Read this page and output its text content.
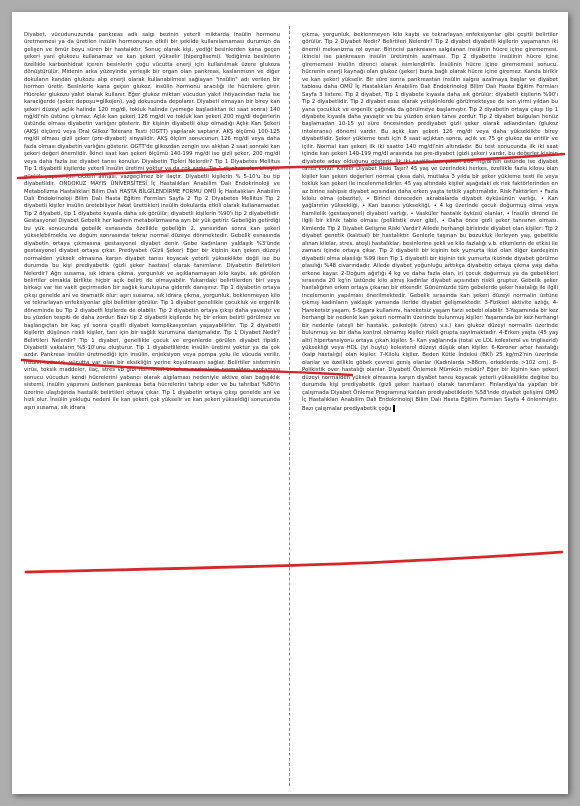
Diyabet, vücudunuzunda pankreas adlı salgı bezinin yeterli miktarda insülin hormonu üretmemesi ya da üretilen insülin hormonunun etkili bir şekilde kullanılamaması durumun da gelişen ve ömür boyu süren bir hastalıktır. Sonuç olarak kişi, yediği besinlerden kana geçen şekeri yani glukozu kullanamaz ve kan şekeri yükselir (hiperglisemi). Yediğimiz besinlerin özellikle karbonhidrat içeren besinlerin çoğu vücutta enerji için kullanılmak üzere glukoza dönüştürülür. Midenin arka yüzeyinde yerleşik bir organ olan pankreas, kaslarımızın ve diğer dokuların kandan glukozu alıp enerji olarak kullanabilmesi sağlayan "insülin" adı verilen bir hormon üretir. Besinlerle kana geçen glukoz, insülin hormonu aracılığı ile hücrelere girer. Hücreler glukozu yakıt olarak kullanır. Eğer glukoz miktarı vücudun yakıt ihtiyacından fazla ise karaciğerde (şeker depoşu=glikojen), yağ dokusunda depolanır. Diyabeti olmayan bir birey kan şekeri düzeyi açlık halinde 120 mg/dl, tokluk halinde (yemeğe başladıktan iki saat sonra) 140 mg/dl'nin üstüne çıkmaz. Açlık kan şekeri 126 mg/dl ve tokluk kan şekeri 200 mg/dl değerlerin üstünde olması diyabetin varlığını gösterir. Bir kişinin diyabetli olup olmadığı Açlık Kan Şekeri (AKŞ) ölçümü veya Oral Glikoz Tolerans Testi (OGTT) yapılarak saptanır. AKŞ ölçümü 100-125 mg/dl olması gizli şeker (pre-diyabet) sinyalidir. AKŞ ölçüm sonucunun 126 mg/dl veya daha fazla olması diyabetin varlığını gösterir. OGTT'de glikozdan zengin sıvı alıktan 2 saat sonraki kan şekeri değeri önemlidir. İkinci saat kan şekeri ölçümü 140-199 mg/dl ise gizli şeker, 200 mg/dl veya daha fazla ise diyabet tanısı konulur. Diyabetin Tipleri Nelerdir? Tip 1 Diyabetes Mellitus Tip 1 diyabetli kişilerde yeterli insülin üretimi yoktur ya da çok azdır. Tip 1 diyabeti olan bireyler günlük yaşam için ekzem alması, vazgeçilmez bir ilaçtır. Diyabetli kişilerin % 5-10'u bu tip diyabetlidir. ONDOKUZ MAYIS ÜNİVERSİTESİ İç Hastalıkları Anabilim Dalı Endokrinoloji ve Metabolizma Hastalıkları Bilim Dalı HASTA BİLGİLENDİRME FORMU OMÜ İç Hastalıkları Anabilim Dalı Endokrinoloji Bilim Dalı Hasta Eğitim Formları Sayfa 2 Tip 2 Diyabetes Mellitus Tip 2 diyabetli kişiler insülin üretebiliyor fakat ürettikleri insülin dokularda etkili olarak kullanamazlar. Tip 2 diyabeti, tip 1 diyabete kıyasla daha sık görülür; diyabetli kişilerin %90'ı tip 2 diyabetlidir. Gestasyonel Diyabet Gebelik her kadının metabolizmasına ayrı bir yük getirir. Gebeliğin getirdiği bu yük sonucunda gebelik esnasında özellikle gebeliğin 2. yarısından sonra kan şekeri yükselebilmekte ve doğum sonrasında tekrar normal düzeye dönmektedir. Gebelik esnasında diyabetin ortaya çıkmasına gestasyonel diyabet denir. Gebe kadınların yaklaşık %3'ünde gestasyonel diyabet ortaya çıkar. Prediyabet (Gizli Şeker) Eğer bir kişinin kan şekeri düzeyi normalden yüksek olmasına karşın diyabet tanısı koyacak yeterli yükseklikte değil ise bu durumda bu kişi prediyabetik (gizli şeker hastası) olarak tanımlanır. Diyabetin Belirtileri Nelerdir? Ağrı susama, sık idrara çıkma, yorgunluk ve açıklanamayan kilo kaybı, sık görülen belirtiler olmakla birlikte hiçbir açık belirti de olmayabilir. Yukarıdaki belirtilerden biri veya birkaçı var ise vakit geçirmeden bir sağlık kuruluşuna giderek danışınız. Tip 1 diyabetin ortaya çıkışı genelde ani ve dramatik olur: aşırı susama, sık idrara çıkma, yorgunluk, beklenmeyen kilo ve tekrarlayan enfeksiyonlar gibi belirtiler görülür. Tip 1 diyabet genellikle çocukluk ve ergenlik döneminde bu Tip 2 diyabetli kişilerde de olabilir. Tip 2 diyabetin ortaya çıkışı daha yavaştır ve bu yüzden tespiti de daha zordur. Bazı tip 2 diyabetli kişilerde hiç bir erken belirti görülmez ve başlangıçtan bir kaç yıl sonra çeşitli diyabet komplikasyonları yaşayabilirler. Tip 2 diyabetli kişilerin düşünen riskli kişiler, tanı için bir sağlık kurumuna danışmalıdır. Tip 1 Diyabet Nedir? Belirtileri Nelerdir? Tip 1 diyabet, genellikle çocuk ve ergenlerde görülen diyabet tipidir. Diyabetli vakaların %5-10'unu oluşturur. Tip 1 diyabetlilerde insülin üretimi yoktur ya da çok azdır. Pankreas insülin üretmediği için insülin, enjeksiyon veya pompa yolu ile vücuda verilir. İnsülin tedavisi, vücutta var olan bir eksikliğin yerine koyulmasını sağlar. Belirtiler sisteminin virüs, toksik maddeler, ilaç, stres vb gibi hormonal birtakım nedenlerle normalden saptaması sonucu vücudun kendi hücrelerini yabancı olarak algılaması nedeniyle aktive olan bağışıklık sistemi, insülin yapımını üstlenen pankreas beta hücrelerini tahrip eder ve bu tahribat %80'in üzerine ulaştığında hastalık belirtileri ortaya çıkar. Tip 1 diyabetin ortaya çıkışı genelde ani ve hızlı olur. İnsülin yokluğu nedeni ile kan şekeri çok yükselir ve kan şekeri yükseldiği sonucunda aşırı susama, sık idrara

çıkma, yorgunluk, beklenmeyen kilo kaybı ve tekrarlayan enfeksiyonlar gibi çeşitli belirtiler görülür. Tip 2 Diyabet Nedir? Belirtileri Nelerdir? Tip 2 diyabet diyabetli kişilerin yaşamanın iki önemli mekanizma rol oynar. Birincisi pankreasın salgılanan insülinin hücre içine girememesi, ikincisi ise pankreasın insülin üretiminin azalması. Tip 2 diyabette insülinin hücre içine girememesi insülin direnci olarak isimlendirilir. İnsülinin hücre içine girememesi sonucu, hücrenin enerji kaynağı olan glukoz (şeker) buna bağlı olarak hücre içine giremez. Kanda birikir ve kan şekeri yükselir. Bir süre sonra pankreastan insülin salgısı azalmaya başlar ve diyabet tablosu daha OMÜ İç Hastalıkları Anabilim Dalı Endokrinoloji Bilim Dalı Hasta Eğitim Formları Sayfa 3 listere. Tip 2 diyabet, Tip 1 diyabete kıyasla daha sık görülür; diyabetli kişilerin %90'ı Tip 2 diyabetlidir. Tip 2 diyabet esas olarak yetişkinlerde görülmekteyse de son yirmi yıldan bu yana çocukluk ve ergenlik çağında da görülmeye başlamıştır. Tip 2 diyabetin ortaya çıkışı tip 1 diyabete kıyasla daha yavaştır ve bu yüzden erken tanısı zordur. Tip 2 diyabet bulguları henüz başlamadan 10-15 yıl süre öncesinden prediyabet gizli şeker olarak adlandırılan (glukoz intoleransı) dönemi vardır. Bu açlık kan şekeri 126 mg/dl veya daha yükseklikte birey diyabetlidir. Şeker yükleme testi için 8 saat açlıktan sonra, açlık ve 75 gr glukoz da eritilir ve içilir. Normal kan şekeri ilk iki saatte 140 mg/dl'nin altındadır. Bu test sonucunda ilk iki saat içinde kan şekeri 140-199 mg/dl arasında ise pre-diyabet (gizli şeker) vardır, bu değerler kişinin diyabete aday olduğunu gösterir. İlk iki saatlik kan şekeri 200 mg/dl'nin üstünde ise diyabet tanısı konur. Kimler Diyabet Riski Taşır? 45 yaş ve üzerindeki herkes, özellikle fazla kilosu olan kişiler kan şekeri değerleri normal çıksa dahi, mutlaka 3 yılda bir şeker yükleme testi ile veya tokluk kan şekeri ile incelenmelidirler. 45 yaş altındaki kişiler aşağıdaki ek risk faktörlerinden en az birine sahipse diyabet açısından daha erken yaşta tetkik yaptırmalıdır. Risk Faktörleri • Fazla kilolu olma (obezite), • Birinci dereceden akrabalarda diyabet öyküsünün varlığı, • Kan yağlarının yüksekliği, • Kan basıncı yüksekliği, • 4 kg üzerinde çocuk doğurmuş olma veya hamilelik (gestasyonel) diyabeti varlığı, • Vasküler hastalık öyküsü olanlar, • İnsülin direnci ile ilgili bir klinik tablo olması (polikistik over gibi), • Daha önce gizli şeker tanısının olması. Kimlerde Tip 2 Diyabet Gelişme Riski Vardır? Ailede herhangi birisinde diyabet olan kişiler: Tip 2 diyabet genetik (kalıtsal) bir hastalıktır. Genlerle taşınan bu bozukluk ilerleyen yaş, gebelikle alınan kilolar, stres, ateşli hastalıklar, besinlerine şekli ve kilo fazlalığı v.b. etkenlerin de etkisi ile zamanı içinde ortaya çıkar. Tip 2 diyabetli bir kişinin tek yumurta ikizi olan diğer kardeşinin diyabetli olma olasılığı %99 iken Tip 1 diyabetli bir kişinin tek yumurta ikizinde diyabet görülme olasılığı %48 civarındadır. Ailede diyabet yoğunluğu arttıkça diyabetin ortaya çıkma yaşı daha erkene kayar. 2-Doğum ağırlığı 4 kg ve daha fazla olan, iri çocuk doğurmuş ya da gebelikleri sırasında 20 kg'ın üstünde kilo almış kadınlar diyabet açısından riskli gruptur. Gebelik şeker hastalığının erken ortaya çıkaran bir etkendir. Günümüzde tüm gebelerde şeker hastalığı ile ilgili incelemenin yapılması önerilmektedir. Gebelik sırasında kan şekeri düzeyi normalin üstüne çıkmış kadınların yaklaşık yarısında ileride diyabet gelişmektedir. 3-Fiziksel aktivite azlığı, 4-Hareketsiz yaşam, 5-Sigara kullanımı, hareketsiz yaşam tarzı sebebi olabilir. 3-Yaşamında bir kez herhangi bir nedenle kan şekeri normalin üzerinde bulunmuş kişiler: Yaşamında bir kez herhangi bir nedenle (ateşli bir hastalık, psikolojik (stres) v.s.) kan glukoz düzeyi normalin üzerinde bulunmuş ve bir daha kontrol olmamış kişiler riskli grupta sayılmaktadır. 4-Erken yaşta (45 yaş altı) hipertansiyonu ortaya çıkan kişiler. 5- Kan yağlarında (total ve LDL kolesterol ve trigliserid) yüksekliği veya HDL (iyi huylu) kolesterol düzeyi düşük olan kişiler. 6-Koroner arter hastalığı (kalp hastalığı) olan kişiler. 7-Kilolu kişiler. Beden Kütle İndeksi (BKİ) 25 kg/m2'nin üzerinde olanlar ve özellikle göbek çevresi geniş olanlar (Kadınlarda >88cm, erkeklerde >102 cm). 8-Polikistik over hastalığı olanlar. Diyabeti Önlemek Mümkün müdür? Eğer bir kişinin kan şekeri düzeyi normalden yüksek olmasına karşın diyabet tanısı koyacak yeterli yükseklikte değilse bu durumda kişi prediyabetik (gizli şeker hastası) olarak tanımlanır. Finlandiya'da yapılan bir çalışmada Diyabet Önleme Programına katılan prediyabetiklerin %58'inde diyabet gelişimi OMÜ İç Hastalıkları Anabilim Dalı Endokrinoloji Bilim Dalı Hasta Eğitim Formları Sayfa 4 önlenmiştir. Bazı çalışmalar prediyabetik çoğu
